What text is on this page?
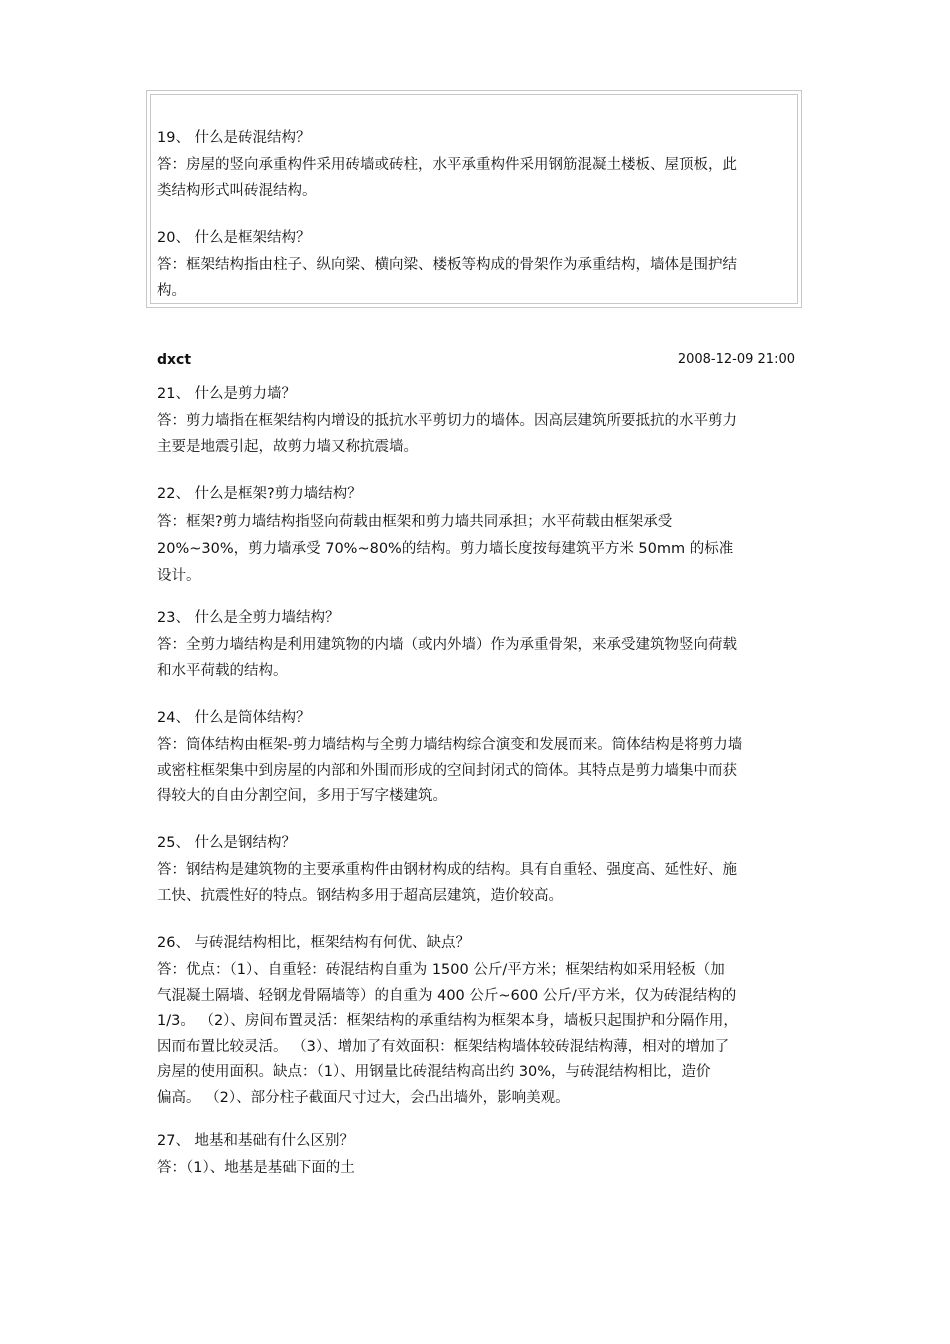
19、 什么是砖混结构？

答：房屋的竖向承重构件采用砖墙或砖柱，水平承重构件采用钢筋混凝土楼板、屋顶板，此
类结构形式叫砖混结构。

20、 什么是框架结构？

答：框架结构指由柱子、纵向梁、横向梁、楼板等构成的骨架作为承重结构，墙体是围护结
构。
dxct	2008-12-09 21:00

21、 什么是剪力墙？

答：剪力墙指在框架结构内增设的抵抗水平剪切力的墙体。因高层建筑所要抵抗的水平剪力
主要是地震引起，故剪力墙又称抗震墙。

22、 什么是框架?剪力墙结构？

答：框架?剪力墙结构指竖向荷载由框架和剪力墙共同承担；水平荷载由框架承受
20%~30%，剪力墙承受 70%~80%的结构。剪力墙长度按每建筑平方米 50mm 的标准
设计。

23、 什么是全剪力墙结构？

答：全剪力墙结构是利用建筑物的内墙（或内外墙）作为承重骨架，来承受建筑物竖向荷载
和水平荷载的结构。

24、 什么是筒体结构？

答：筒体结构由框架-剪力墙结构与全剪力墙结构综合演变和发展而来。筒体结构是将剪力墙
或密柱框架集中到房屋的内部和外围而形成的空间封闭式的筒体。其特点是剪力墙集中而获
得较大的自由分割空间，多用于写字楼建筑。

25、 什么是钢结构？

答：钢结构是建筑物的主要承重构件由钢材构成的结构。具有自重轻、强度高、延性好、施
工快、抗震性好的特点。钢结构多用于超高层建筑，造价较高。

26、 与砖混结构相比，框架结构有何优、缺点？

答：优点：（1）、自重轻：砖混结构自重为 1500 公斤/平方米；框架结构如采用轻板（加
气混凝土隔墙、轻钢龙骨隔墙等）的自重为 400 公斤~600 公斤/平方米，仅为砖混结构的
1/3。 （2）、房间布置灵活：框架结构的承重结构为框架本身，墙板只起围护和分隔作用，
因而布置比较灵活。 （3）、增加了有效面积：框架结构墙体较砖混结构薄，相对的增加了
房屋的使用面积。缺点：（1）、用钢量比砖混结构高出约 30%，与砖混结构相比，造价
偏高。 （2）、部分柱子截面尺寸过大，会凸出墙外，影响美观。

27、 地基和基础有什么区别？

答：（1）、地基是基础下面的土
